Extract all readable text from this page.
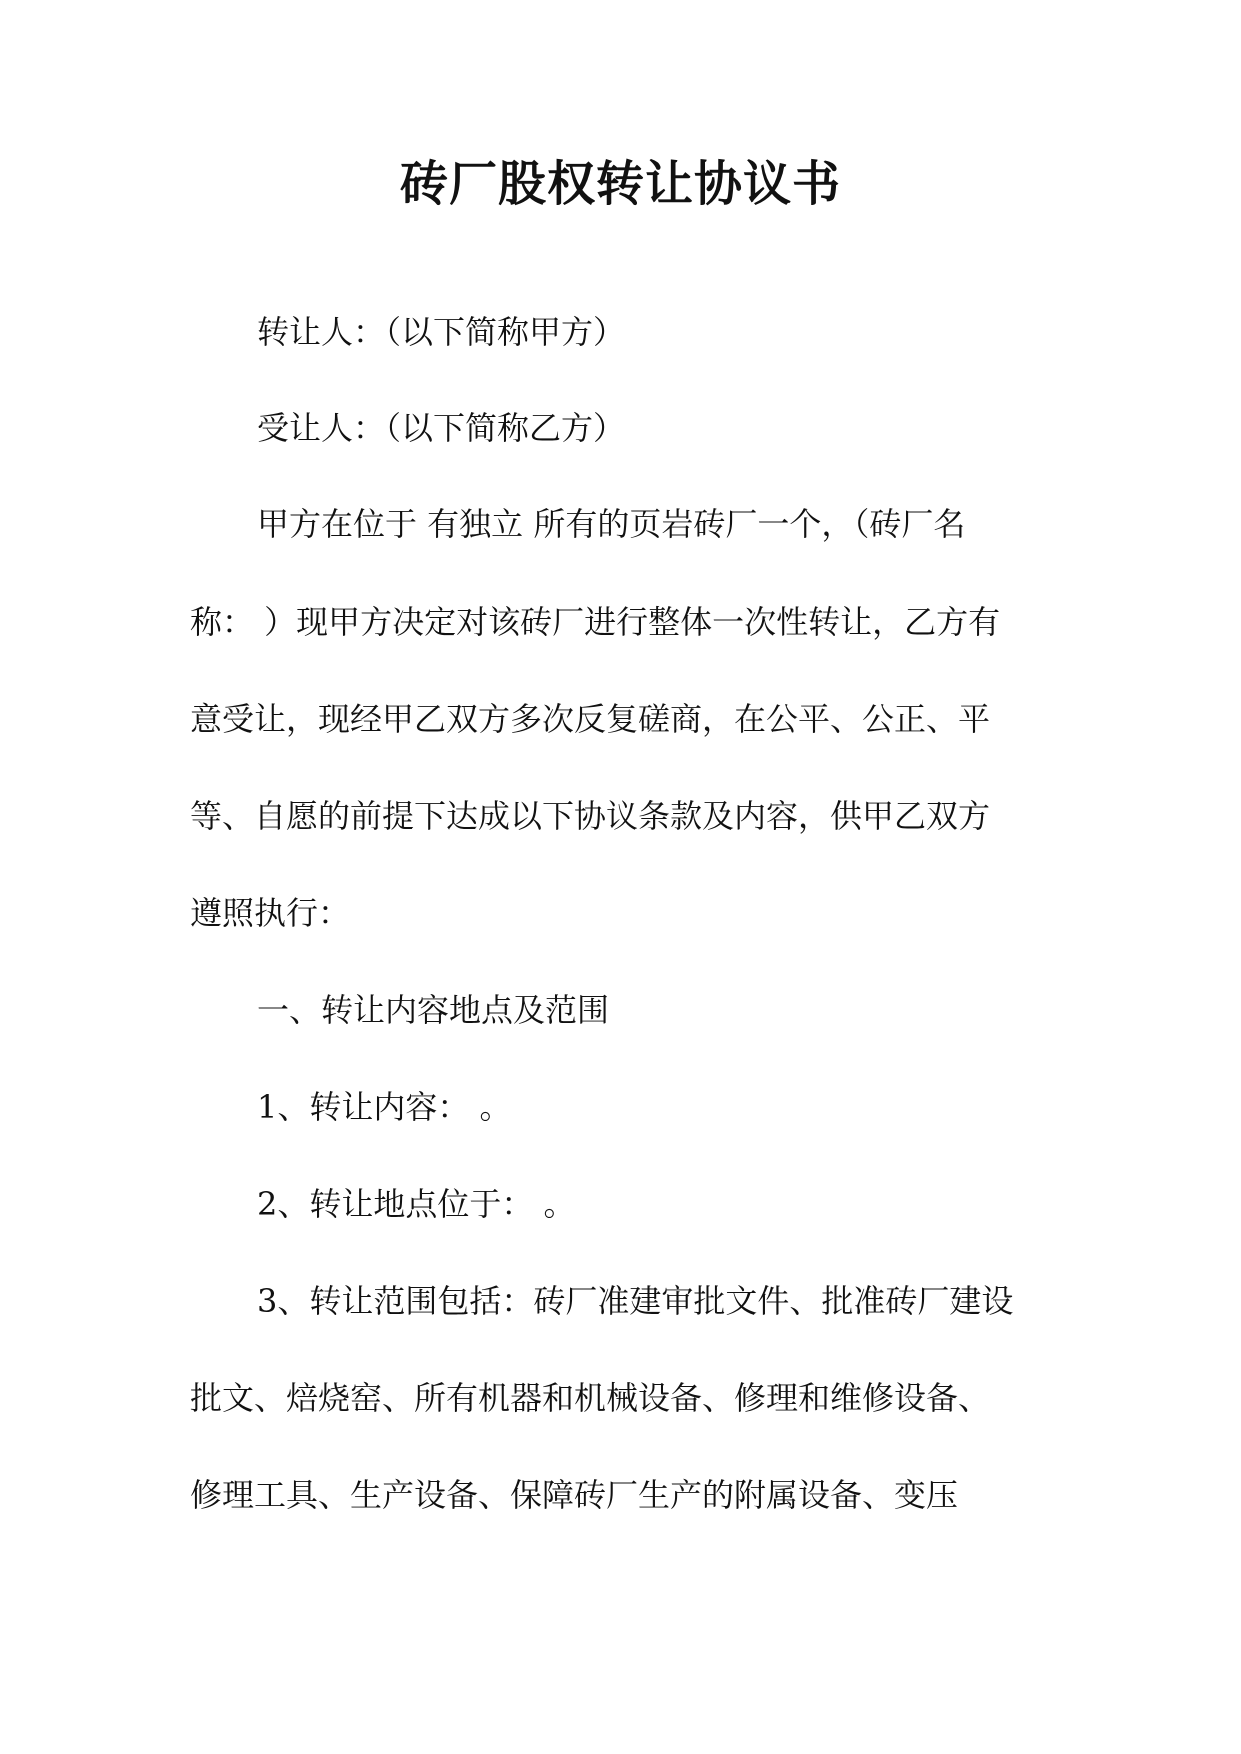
砖厂股权转让协议书

转让人：（以下简称甲方）

受让人：（以下简称乙方）

甲方在位于 有独立 所有的页岩砖厂一个，（砖厂名

称： ）现甲方决定对该砖厂进行整体一次性转让，乙方有

意受让，现经甲乙双方多次反复磋商，在公平、公正、平

等、自愿的前提下达成以下协议条款及内容，供甲乙双方

遵照执行：

一、转让内容地点及范围

1、转让内容： 。

2、转让地点位于： 。

3、转让范围包括：砖厂准建审批文件、批准砖厂建设

批文、焙烧窑、所有机器和机械设备、修理和维修设备、

修理工具、生产设备、保障砖厂生产的附属设备、变压
